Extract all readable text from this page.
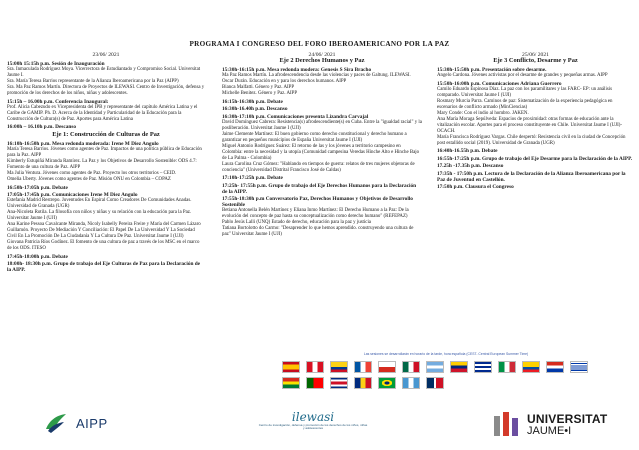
PROGRAMA I CONGRESO DEL FORO IBEROAMERICANO POR LA PAZ
23/06/ 2021
15:00h 15:15h p.m. Sesión de Inauguración
Sra. Inmaculada Rodríguez Moya. Vicerrectora de Estudiantado y Compromiso Social. Universitat Jaume I.
Sra. María Teresa Barrios representante de la Alianza Iberoamericana por la Paz (AIPP)
Sra. Ma Paz Ramos Martín. Directora de Proyectos de ILEWASI. Centro de Investigación, defensa y promoción de los derechos de los niños, niñas y adolescentes.
15:15h – 16.00h p.m. Conferencia Inaugural:
Prof. Alicia Cabezudo ex Vicepresidenta del IPB y representante del capítulo América Latina y el Caribe de GAMIP. Ph. D. Acerca de la Identidad y Particularidad de la Educación para la Construcción de Cultura(s) de Paz. Aportes para América Latina
16:00h – 16.10h p.m. Descanso
Eje 1: Construcción de Culturas de Paz
16:10h-16:50h p.m. Mesa redonda moderada: Irene M Diez Angulo
María Teresa Barrios. Jóvenes como agentes de Paz. Impactos de una política pública de Educación para la Paz. AIPP
Kimberly Estupiñá Miranda Ramírez. La Paz y los Objetivos de Desarrollo Sostenible: ODS 4.7: Fomento de una cultura de Paz. AIPP
Ma Julia Ventura. Jóvenes como agentes de Paz. Proyecto los otros territorios – CEID.
Omelia Uberty. Jóvenes como agentes de Paz. Misión ONU en Colombia – COPAZ
16:50h-17:05h p.m. Debate
17:05h-17:45h p.m. Comunicaciones Irene M Diez Angulo
Estefanía Madrid Restrepo. Juventudes En Espiral Como Creadores De Comunidades Anadas. Universidad de Granada (UGR)
Ana-Nicoleta Rotila. La filosofía con niños y niñas y su relación con la educación para la Paz. Universitat Jaume I (UJI)
Ana Karine Pessoa Cavalcante Miranda, Nicoly Isabelly Pereira Freire y María del Carmen Lázaro Guillamón. Proyecto De Mediación Y Conciliación: El Papel De La Universidad Y La Sociedad Civil En La Promoción De La Ciudadanía Y La Cultura De Paz. Universitat Jaume I (UJI)
Giovana Patricia Ríos Godínez. El fomento de una cultura de paz a través de los MSC en el marco de los ODS. ITESO
17:45h-18:00h p.m. Debate
18:00h- 18:30h p.m. Grupo de trabajo del Eje Culturas de Paz para la Declaración de la AIPP.
24/06/ 2021
Eje 2 Derechos Humanos y Paz
15:30h-16:15h p.m. Mesa redonda modera: Genesis S Sira Bracho
Ma Paz Ramos Martín. La afrodescendencia desde las violencias y paces de Galtung. ILEWASI.
Oscar Durán. Educación en y para los derechos humanos. AIPP
Bianca Malfatti. Género y Paz. AIPP
Michelle Benitez. Género y Paz. AIPP
16:15h-16:30h p.m. Debate
16:30h-16.40h p.m. Descanso
16:30h-17:10h p.m. Comunicaciones presenta Lizandra Carvajal
David Domínguez Cabrera: Resistencia(s) afrodescendiente(s) en Cuba. Entre la "igualdad racial" y la posliberación. Universitat Jaume I (UJI)
Jaime Clemente Martínez: El buen gobierno como derecho constitucional y derecho humano a garantizar en pequeños municipios de España Universitat Jaume I (UJI)
Miguel Antonio Rodríguez Suárez: El retorno de las y los jóvenes a territorio campesino en Colombia: entre la necesidad y la utopía (Comunidad campesina Veredas Hinche Alto e Hinche Bajo de La Palma - Colombia)
Laura Carolina Cruz Gómez: "Hablando en tiempos de guerra: relatos de tres mujeres objetoras de conciencia" (Universidad Distrital Francisco José de Caldas)
17:10h-17:25h p.m. Debate
17:25h- 17:55h p.m. Grupo de trabajo del Eje Derechos Humanos para la Declaración de la AIPP.
17:55h-18:30h p.m Conversatorio Paz, Derechos Humanos y Objetivos de Desarrollo Sostenible
Betiana Antonella Belén Martínez y Eliana Inmo Martínez: El Derecho Humano a la Paz: De la evolución del concepto de paz hasta su conceptualización como derecho humano" (REFEPAZ)
Pablo Jesús Lalli (UNQ) Estado de derecho, educación para la paz y justicia
Tatiana Bortolotto do Carmo: "Desaprender lo que hemos aprendido. construyendo una cultura de paz" Universitat Jaume I (UJI)
25/06/ 2021
Eje 3 Conflicto, Desarme y Paz
15:30h-15:50h p.m. Presentación sobre desarme.
Angelo Cardona. Jóvenes activistas por el desarme de grandes y pequeñas armas. AIPP
15:50h-16:00h p.m. Comunicaciones Adriana Guerrero
Camilo Eduardo Espinosa Díaz. La paz con los paramilitares y las FARC- EP: un análisis comparado. Universitat Jaume I (UJI)
Rosmary Murcia Parra. Caminos de paz: Sistematización de la experiencia pedagógica en escenarios de conflicto armado (MinCiencias)
Mary Conde: Con el indio al hombro. JAKEN.
Ana María Moraga Sepúlveda: Espacios de proximidad: otras formas de educación ante la vitalización escolar. Aportes para el proceso constituyente en Chile. Universitat Jaume I (UJI)-OCACH.
María Francisca Rodríguez Vargas. Chile despertó: Resistencia civil en la ciudad de Concepción post estallido social (2019). Universidad de Granada (UGR)
16:40h-16.55h p.m. Debate
16:55h-17:25h p.m. Grupo de trabajo del Eje Desarme para la Declaración de la AIPP.
17.25h -17.35h p.m. Descanso
17:35h - 17:50h p.m. Lectura de la Declaración de la Alianza Iberoamericana por la Paz de Juventud en Castellón.
17:50h p.m. Clausura el Congreso
Las sesiones se desarrollarán en horario de la tarde, hora española (CEST- Central European Summer Time)
AIPP	ilewasi
Centro de investigación, defensa y promoción de los derechos de los niños, niñas y adolescentes
UNIVERSITAT
JAUME•I
